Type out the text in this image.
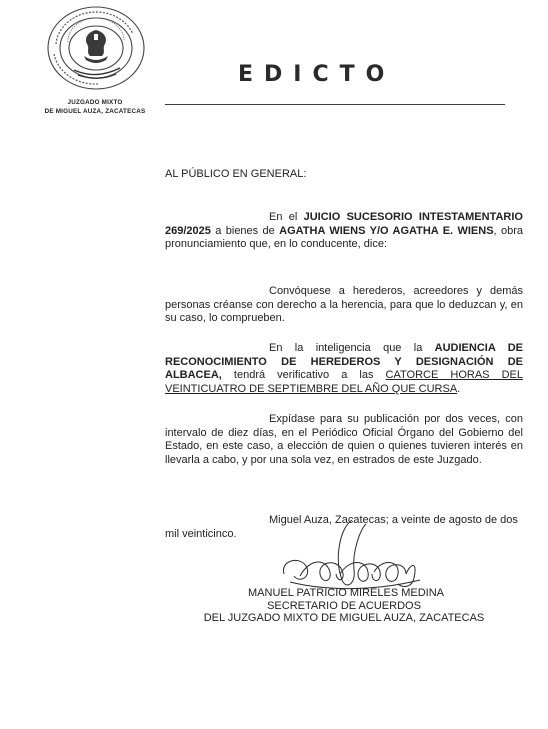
JUZGADO MIXTO
DE MIGUEL AUZA, ZACATECAS
EDICTO
AL PÚBLICO EN GENERAL:

En el JUICIO SUCESORIO INTESTAMENTARIO 269/2025 a bienes de AGATHA WIENS Y/O AGATHA E. WIENS, obra pronunciamiento que, en lo conducente, dice:

Convóquese a herederos, acreedores y demás personas créanse con derecho a la herencia, para que lo deduzcan y, en su caso, lo comprueben.

En la inteligencia que la AUDIENCIA DE RECONOCIMIENTO DE HEREDEROS Y DESIGNACIÓN DE ALBACEA, tendrá verificativo a las CATORCE HORAS DEL VEINTICUATRO DE SEPTIEMBRE DEL AÑO QUE CURSA.

Expídase para su publicación por dos veces, con intervalo de diez días, en el Periódico Oficial Órgano del Gobierno del Estado, en este caso, a elección de quien o quienes tuvieren interés en llevarla a cabo, y por una sola vez, en estrados de este Juzgado.

Miguel Auza, Zacatecas; a veinte de agosto de dos mil veinticinco.

MANUEL PATRICIO MIRELES MEDINA
SECRETARIO DE ACUERDOS
DEL JUZGADO MIXTO DE MIGUEL AUZA, ZACATECAS
